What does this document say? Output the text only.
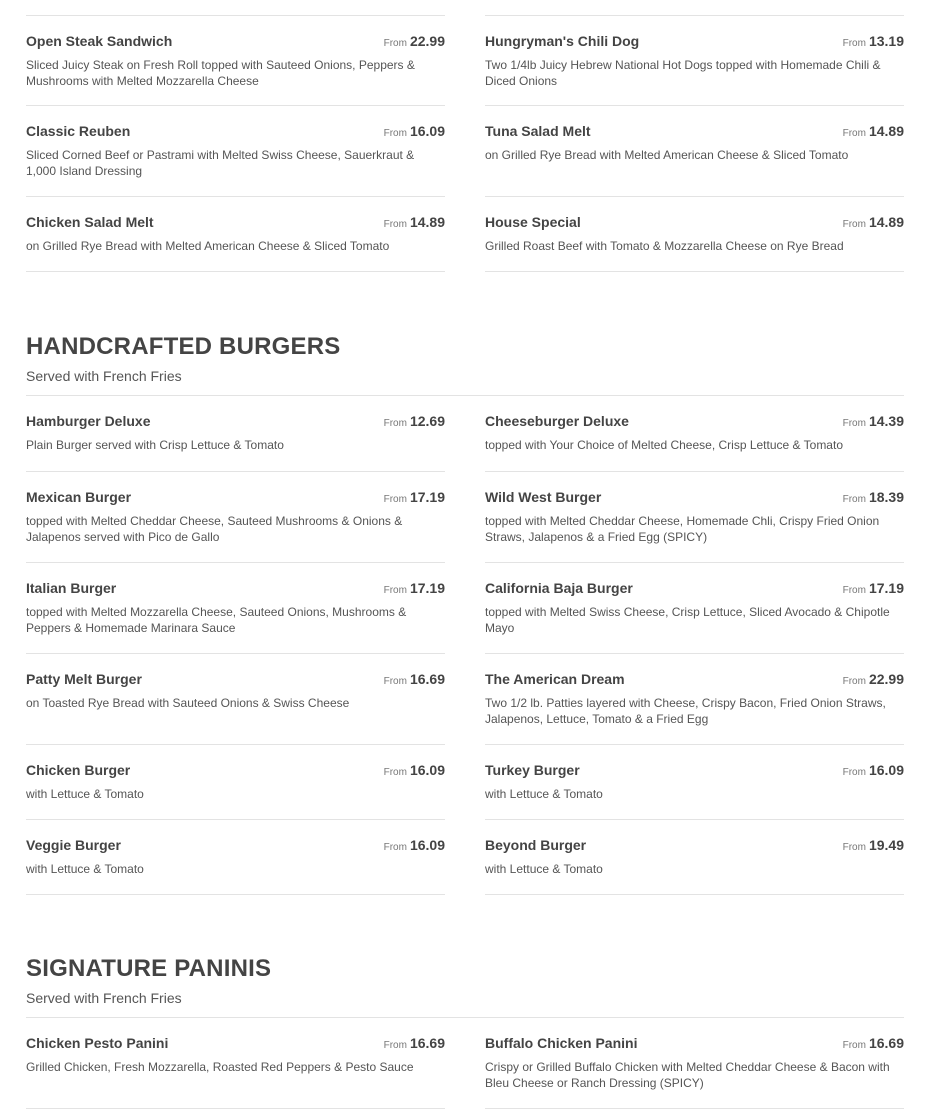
Open Steak Sandwich	From 22.99
Sliced Juicy Steak on Fresh Roll topped with Sauteed Onions, Peppers & Mushrooms with Melted Mozzarella Cheese
Hungryman's Chili Dog	From 13.19
Two 1/4lb Juicy Hebrew National Hot Dogs topped with Homemade Chili & Diced Onions
Classic Reuben	From 16.09
Sliced Corned Beef or Pastrami with Melted Swiss Cheese, Sauerkraut & 1,000 Island Dressing
Tuna Salad Melt	From 14.89
on Grilled Rye Bread with Melted American Cheese & Sliced Tomato
Chicken Salad Melt	From 14.89
on Grilled Rye Bread with Melted American Cheese & Sliced Tomato
House Special	From 14.89
Grilled Roast Beef with Tomato & Mozzarella Cheese on Rye Bread
HANDCRAFTED BURGERS
Served with French Fries
Hamburger Deluxe	From 12.69
Plain Burger served with Crisp Lettuce & Tomato
Cheeseburger Deluxe	From 14.39
topped with Your Choice of Melted Cheese, Crisp Lettuce & Tomato
Mexican Burger	From 17.19
topped with Melted Cheddar Cheese, Sauteed Mushrooms & Onions & Jalapenos served with Pico de Gallo
Wild West Burger	From 18.39
topped with Melted Cheddar Cheese, Homemade Chli, Crispy Fried Onion Straws, Jalapenos & a Fried Egg (SPICY)
Italian Burger	From 17.19
topped with Melted Mozzarella Cheese, Sauteed Onions, Mushrooms & Peppers & Homemade Marinara Sauce
California Baja Burger	From 17.19
topped with Melted Swiss Cheese, Crisp Lettuce, Sliced Avocado & Chipotle Mayo
Patty Melt Burger	From 16.69
on Toasted Rye Bread with Sauteed Onions & Swiss Cheese
The American Dream	From 22.99
Two 1/2 lb. Patties layered with Cheese, Crispy Bacon, Fried Onion Straws, Jalapenos, Lettuce, Tomato & a Fried Egg
Chicken Burger	From 16.09
with Lettuce & Tomato
Turkey Burger	From 16.09
with Lettuce & Tomato
Veggie Burger	From 16.09
with Lettuce & Tomato
Beyond Burger	From 19.49
with Lettuce & Tomato
SIGNATURE PANINIS
Served with French Fries
Chicken Pesto Panini	From 16.69
Grilled Chicken, Fresh Mozzarella, Roasted Red Peppers & Pesto Sauce
Buffalo Chicken Panini	From 16.69
Crispy or Grilled Buffalo Chicken with Melted Cheddar Cheese & Bacon with Bleu Cheese or Ranch Dressing (SPICY)
